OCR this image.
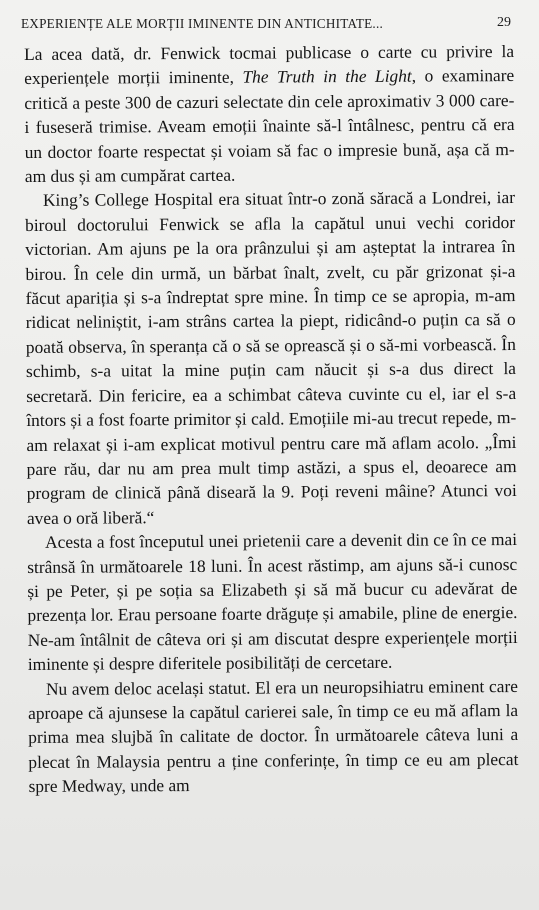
EXPERIENȚE ALE MORȚII IMINENTE DIN ANTICHITATE...	29

La acea dată, dr. Fenwick tocmai publicase o carte cu privire la experiențele morții iminente, The Truth in the Light, o examinare critică a peste 300 de cazuri selectate din cele aproximativ 3 000 care-i fuseseră trimise. Aveam emoții înainte să-l întâlnesc, pentru că era un doctor foarte respectat și voiam să fac o impresie bună, așa că m-am dus și am cumpărat cartea.

King’s College Hospital era situat într-o zonă săracă a Londrei, iar biroul doctorului Fenwick se afla la capătul unui vechi coridor victorian. Am ajuns pe la ora prânzului și am așteptat la intrarea în birou. În cele din urmă, un bărbat înalt, zvelt, cu păr grizonat și-a făcut apariția și s-a îndreptat spre mine. În timp ce se apropia, m-am ridicat neliniștit, i-am strâns cartea la piept, ridicând-o puțin ca să o poată observa, în speranța că o să se oprească și o să-mi vorbească. În schimb, s-a uitat la mine puțin cam năucit și s-a dus direct la secretară. Din fericire, ea a schimbat câteva cuvinte cu el, iar el s-a întors și a fost foarte primitor și cald. Emoțiile mi-au trecut repede, m-am relaxat și i-am explicat motivul pentru care mă aflam acolo. „Îmi pare rău, dar nu am prea mult timp astăzi, a spus el, deoarece am program de clinică până diseară la 9. Poți reveni mâine? Atunci voi avea o oră liberă.“

Acesta a fost începutul unei prietenii care a devenit din ce în ce mai strânsă în următoarele 18 luni. În acest răstimp, am ajuns să-i cunosc și pe Peter, și pe soția sa Elizabeth și să mă bucur cu adevărat de prezența lor. Erau persoane foarte drăguțe și amabile, pline de energie. Ne-am întâlnit de câteva ori și am discutat despre experiențele morții iminente și despre diferitele posibilități de cercetare.

Nu avem deloc același statut. El era un neuropsihiatru eminent care aproape că ajunsese la capătul carierei sale, în timp ce eu mă aflam la prima mea slujbă în calitate de doctor. În următoarele câteva luni a plecat în Malaysia pentru a ține conferințe, în timp ce eu am plecat spre Medway, unde am
